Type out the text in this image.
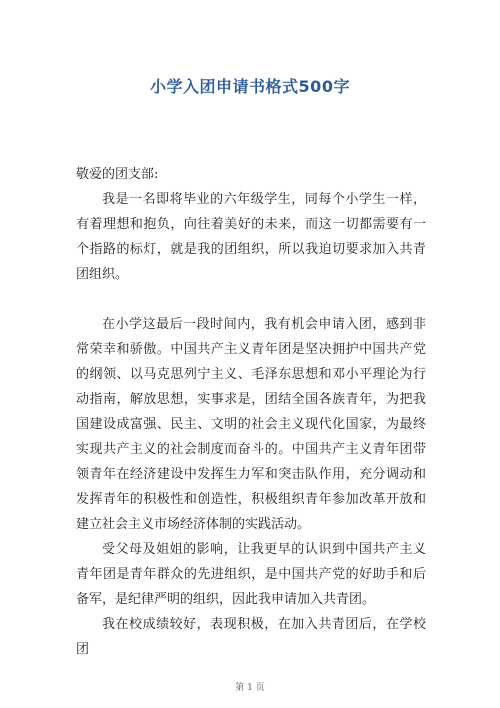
小学入团申请书格式500字

敬爱的团支部:

我是一名即将毕业的六年级学生，同每个小学生一样，有着理想和抱负，向往着美好的未来，而这一切都需要有一个指路的标灯，就是我的团组织，所以我迫切要求加入共青团组织。

在小学这最后一段时间内，我有机会申请入团，感到非常荣幸和骄傲。中国共产主义青年团是坚决拥护中国共产党的纲领、以马克思列宁主义、毛泽东思想和邓小平理论为行动指南，解放思想，实事求是，团结全国各族青年，为把我国建设成富强、民主、文明的社会主义现代化国家，为最终实现共产主义的社会制度而奋斗的。中国共产主义青年团带领青年在经济建设中发挥生力军和突击队作用，充分调动和发挥青年的积极性和创造性，积极组织青年参加改革开放和建立社会主义市场经济体制的实践活动。

受父母及姐姐的影响，让我更早的认识到中国共产主义青年团是青年群众的先进组织，是中国共产党的好助手和后备军，是纪律严明的组织，因此我申请加入共青团。

我在校成绩较好，表现积极，在加入共青团后，在学校团

第 1 页
